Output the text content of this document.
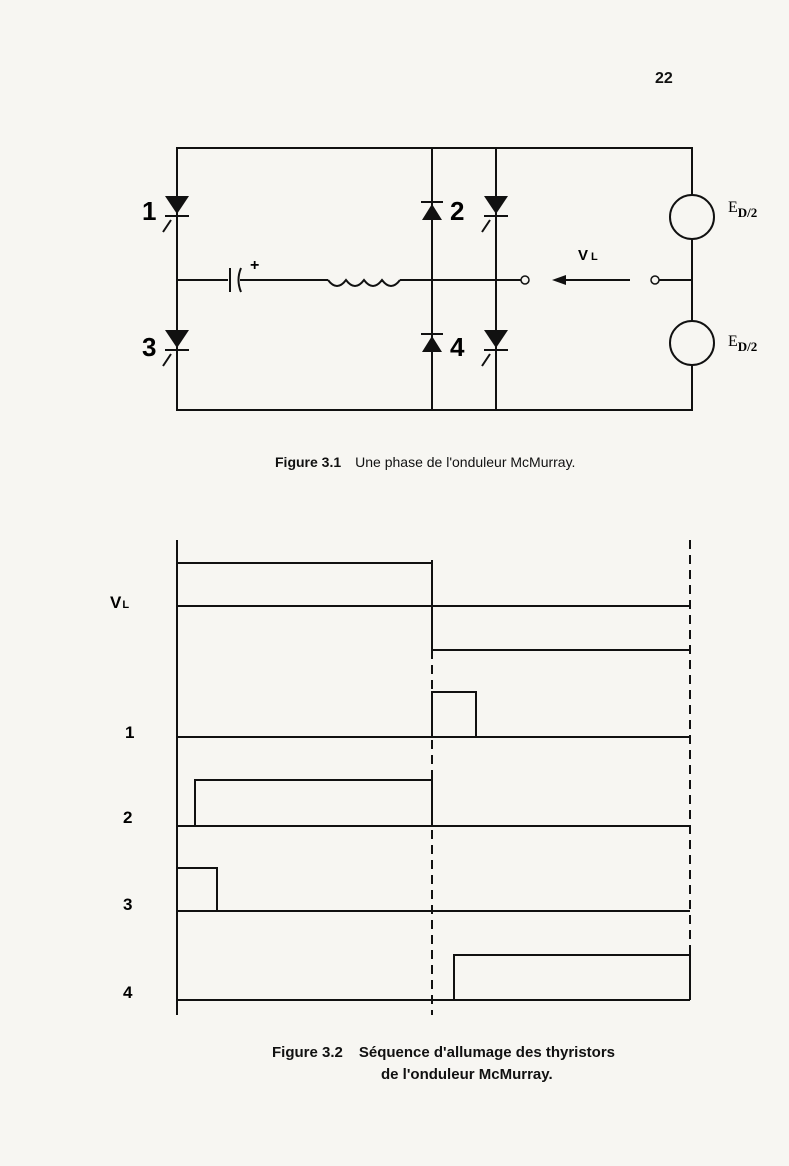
22
1	2
3	4
+
V L
$E_{D/2}$
$E_{D/2}$
Figure 3.1 Une phase de l'onduleur McMurray.
VL
1
2
3
4
Figure 3.2 Séquence d'allumage des thyristors
de l'onduleur McMurray.
